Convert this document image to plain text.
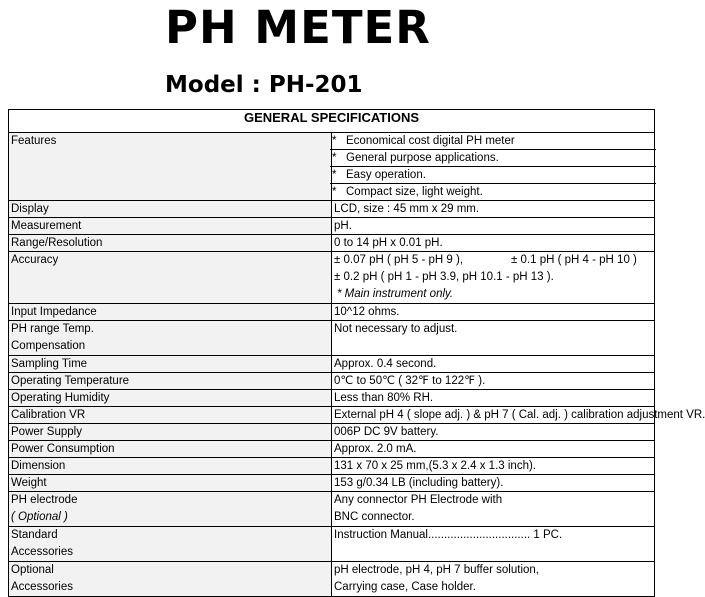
PH METER
Model : PH-201
GENERAL SPECIFICATIONS	
Features	* Economical cost digital PH meter
* General purpose applications.
* Easy operation.
* Compact size, light weight.

Display	LCD, size : 45 mm x 29 mm.
Measurement	pH.
Range/Resolution	0 to 14 pH x 0.01 pH.
Accuracy	± 0.07 pH ( pH 5 - pH 9 ), ± 0.1 pH ( pH 4 - pH 10 )
± 0.2 pH ( pH 1 - pH 3.9, pH 10.1 - pH 13 ).
* Main instrument only.

Input Impedance	10^12 ohms.

PH range Temp.
Compensation	Not necessary to adjust.
Sampling Time	Approx. 0.4 second.
Operating Temperature	0℃ to 50℃ ( 32℉ to 122℉ ).
Operating Humidity	Less than 80% RH.
Calibration VR	External pH 4 ( slope adj. ) & pH 7 ( Cal. adj. ) calibration adjustment VR.
Power Supply	006P DC 9V battery.
Power Consumption	Approx. 2.0 mA.
Dimension	131 x 70 x 25 mm,(5.3 x 2.4 x 1.3 inch).
Weight	153 g/0.34 LB (including battery).

PH electrode
( Optional )	Any connector PH Electrode with
BNC connector.

Standard
Accessories	Instruction Manual................................ 1 PC.

Optional
Accessories	pH electrode, pH 4, pH 7 buffer solution,
Carrying case, Case holder.
